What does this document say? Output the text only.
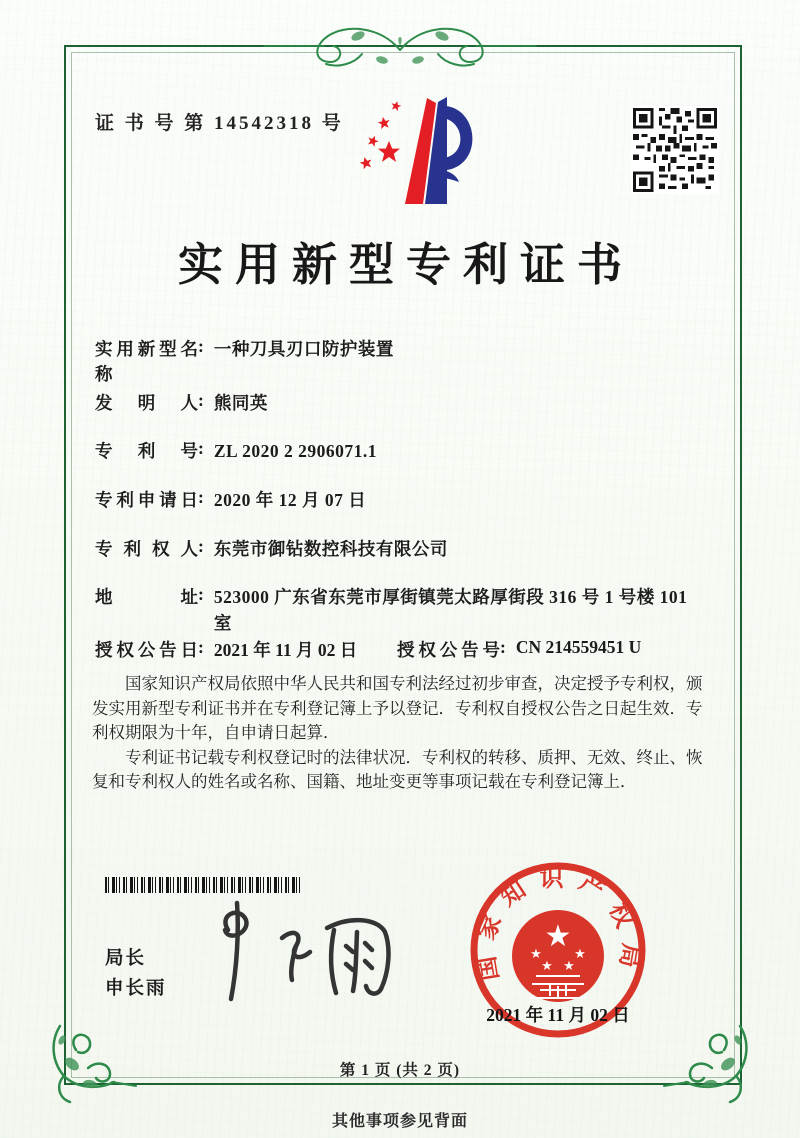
证 书 号 第 14542318 号
实用新型专利证书
实用新型名称
: 一种刀具刃口防护装置
发明人 : 熊同英
专利号 : ZL 2020 2 2906071.1
专利申请日 : 2020 年 12 月 07 日
专利权人 : 东莞市御钻数控科技有限公司
地址 : 523000 广东省东莞市厚街镇莞太路厚街段 316 号 1 号楼 101 室
授权公告日 : 2021 年 11 月 02 日 授权公告号 : CN 214559451 U

国家知识产权局依照中华人民共和国专利法经过初步审查，决定授予专利权，颁发实用新型专利证书并在专利登记簿上予以登记．专利权自授权公告之日起生效．专利权期限为十年，自申请日起算．

专利证书记载专利权登记时的法律状况．专利权的转移、质押、无效、终止、恢复和专利权人的姓名或名称、国籍、地址变更等事项记载在专利登记簿上．

局长
申长雨
国家知识产权局
★
★
★ ★
★
2021 年 11 月 02 日
第 1 页 (共 2 页)
其他事项参见背面
